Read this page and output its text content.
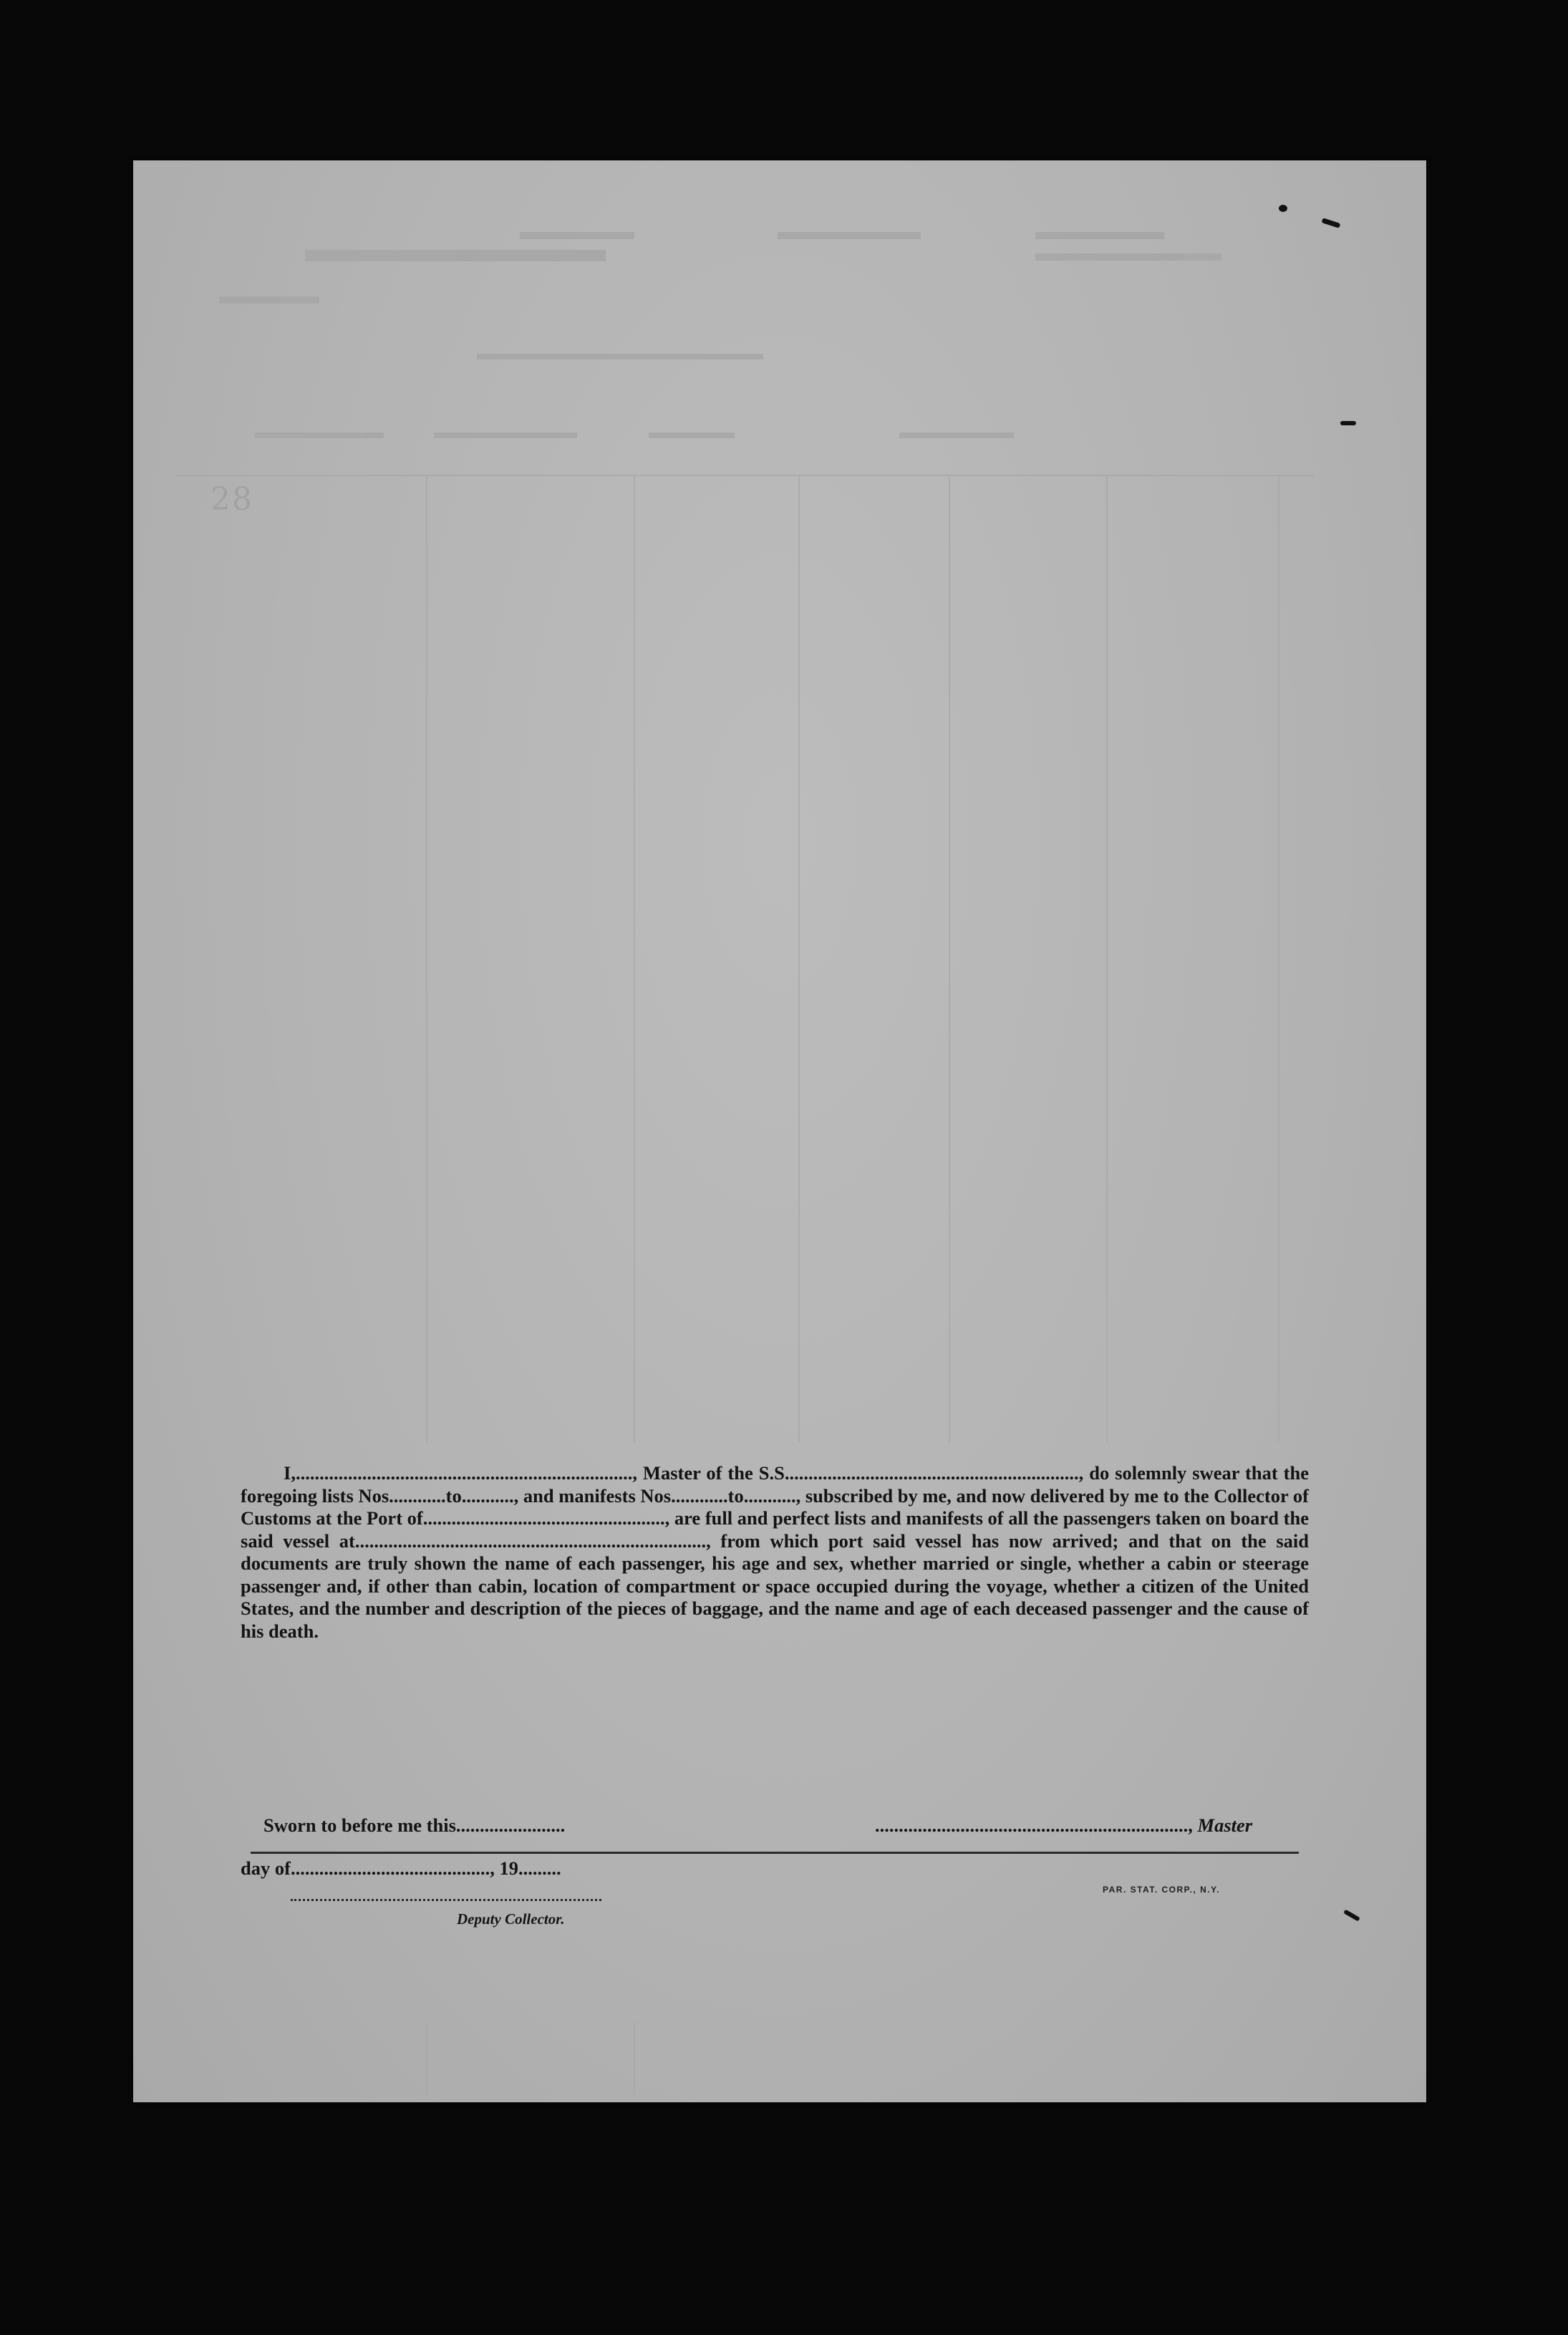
28
I,......................................................................., Master of the S.S.............................................................., do solemnly swear that the foregoing lists Nos............to..........., and manifests Nos............to..........., subscribed by me, and now delivered by me to the Collector of Customs at the Port of..................................................., are full and perfect lists and manifests of all the passengers taken on board the said vessel at.........................................................................., from which port said vessel has now arrived; and that on the said documents are truly shown the name of each passenger, his age and sex, whether married or single, whether a cabin or steerage passenger and, if other than cabin, location of compartment or space occupied during the voyage, whether a citizen of the United States, and the number and description of the pieces of baggage, and the name and age of each deceased passenger and the cause of his death.
Sworn to before me this.......................
day of.........................................., 19.........
.................................................................., Master
Deputy Collector.
PAR. STAT. CORP., N.Y.
